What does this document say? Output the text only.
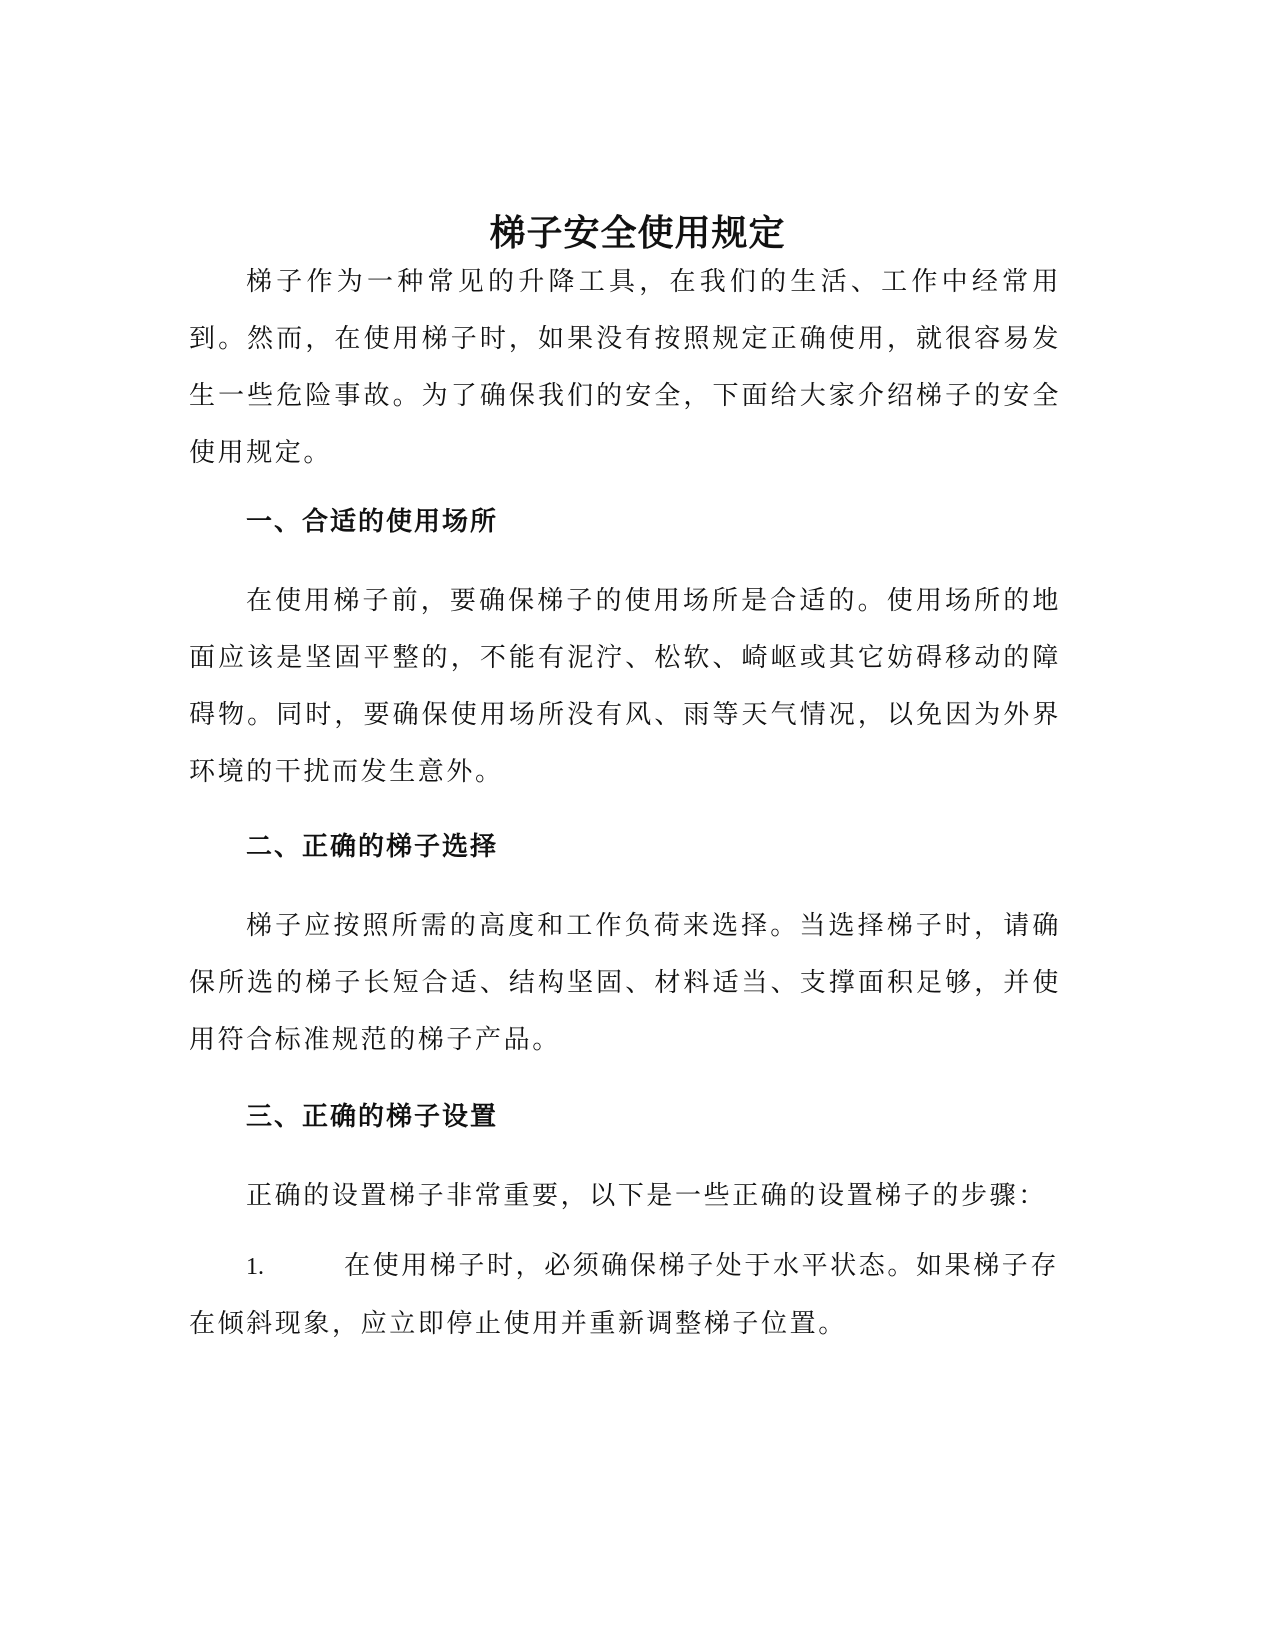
梯子安全使用规定

梯子作为一种常见的升降工具，在我们的生活、工作中经常用到。然而，在使用梯子时，如果没有按照规定正确使用，就很容易发生一些危险事故。为了确保我们的安全，下面给大家介绍梯子的安全使用规定。

一、合适的使用场所

在使用梯子前，要确保梯子的使用场所是合适的。使用场所的地面应该是坚固平整的，不能有泥泞、松软、崎岖或其它妨碍移动的障碍物。同时，要确保使用场所没有风、雨等天气情况，以免因为外界环境的干扰而发生意外。

二、正确的梯子选择

梯子应按照所需的高度和工作负荷来选择。当选择梯子时，请确保所选的梯子长短合适、结构坚固、材料适当、支撑面积足够，并使用符合标准规范的梯子产品。

三、正确的梯子设置

正确的设置梯子非常重要，以下是一些正确的设置梯子的步骤：

1.	在使用梯子时，必须确保梯子处于水平状态。如果梯子存在倾斜现象，应立即停止使用并重新调整梯子位置。
